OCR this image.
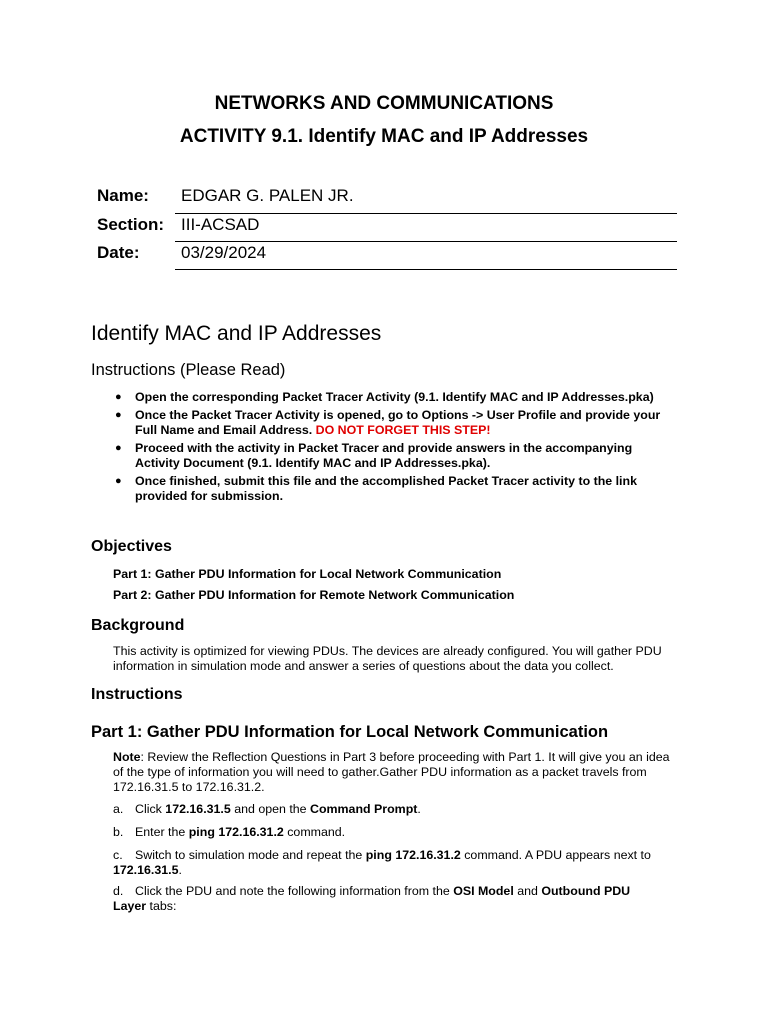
NETWORKS AND COMMUNICATIONS
ACTIVITY 9.1. Identify MAC and IP Addresses
Name: EDGAR G. PALEN JR.
Section: III-ACSAD
Date: 03/29/2024
Identify MAC and IP Addresses
Instructions (Please Read)
● Open the corresponding Packet Tracer Activity (9.1. Identify MAC and IP Addresses.pka)
● Once the Packet Tracer Activity is opened, go to Options -> User Profile and provide your Full Name and Email Address. DO NOT FORGET THIS STEP!
● Proceed with the activity in Packet Tracer and provide answers in the accompanying Activity Document (9.1. Identify MAC and IP Addresses.pka).
● Once finished, submit this file and the accomplished Packet Tracer activity to the link provided for submission.
Objectives
Part 1: Gather PDU Information for Local Network Communication
Part 2: Gather PDU Information for Remote Network Communication
Background
This activity is optimized for viewing PDUs. The devices are already configured. You will gather PDU information in simulation mode and answer a series of questions about the data you collect.
Instructions
Part 1: Gather PDU Information for Local Network Communication
Note: Review the Reflection Questions in Part 3 before proceeding with Part 1. It will give you an idea of the type of information you will need to gather.Gather PDU information as a packet travels from 172.16.31.5 to 172.16.31.2.
a. Click 172.16.31.5 and open the Command Prompt.
b. Enter the ping 172.16.31.2 command.
c. Switch to simulation mode and repeat the ping 172.16.31.2 command. A PDU appears next to 172.16.31.5.
d. Click the PDU and note the following information from the OSI Model and Outbound PDU Layer tabs:
